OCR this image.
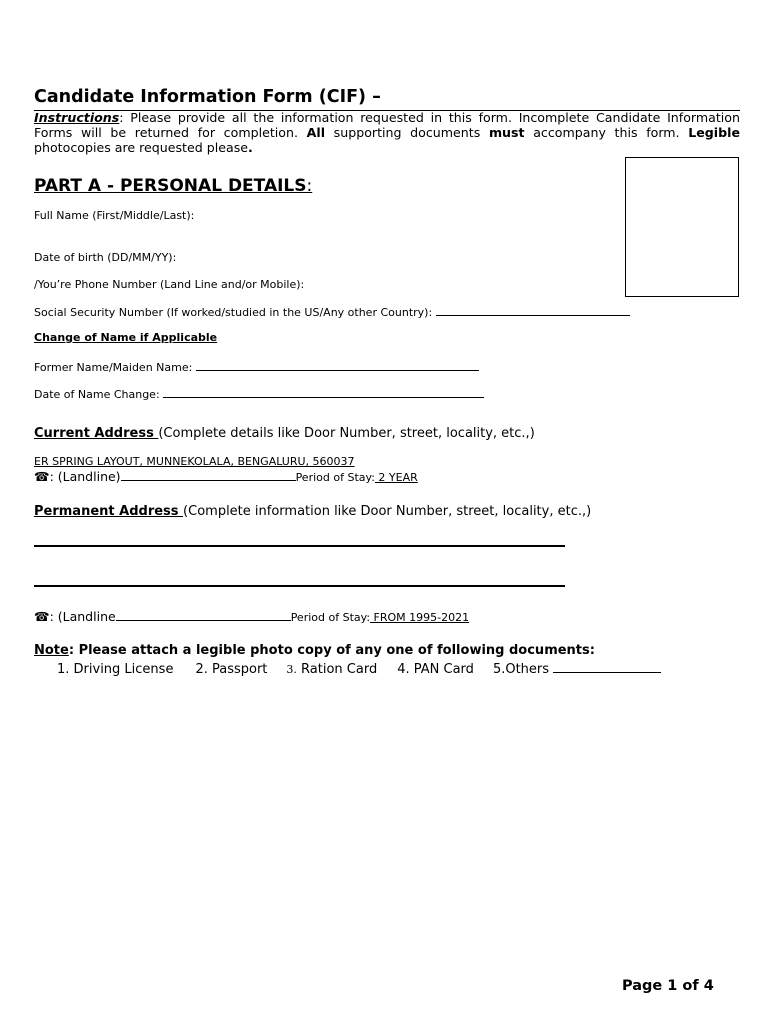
Candidate Information Form (CIF) –
Instructions: Please provide all the information requested in this form. Incomplete Candidate Information Forms will be returned for completion. All supporting documents must accompany this form. Legible photocopies are requested please.
PART A - PERSONAL DETAILS:
Full Name (First/Middle/Last):
Date of birth (DD/MM/YY):
/You’re Phone Number (Land Line and/or Mobile):
Social Security Number (If worked/studied in the US/Any other Country):
Change of Name if Applicable
Former Name/Maiden Name:
Date of Name Change:
Current Address (Complete details like Door Number, street, locality, etc.,)
ER SPRING LAYOUT, MUNNEKOLALA, BENGALURU, 560037
☎: (Landline)	Period of Stay: 2 YEAR
Permanent Address (Complete information like Door Number, street, locality, etc.,)
☎: (Landline	Period of Stay: FROM 1995-2021
Note: Please attach a legible photo copy of any one of following documents:
1. Driving License 2. Passport 3. Ration Card 4. PAN Card 5.Others
Page 1 of 4
